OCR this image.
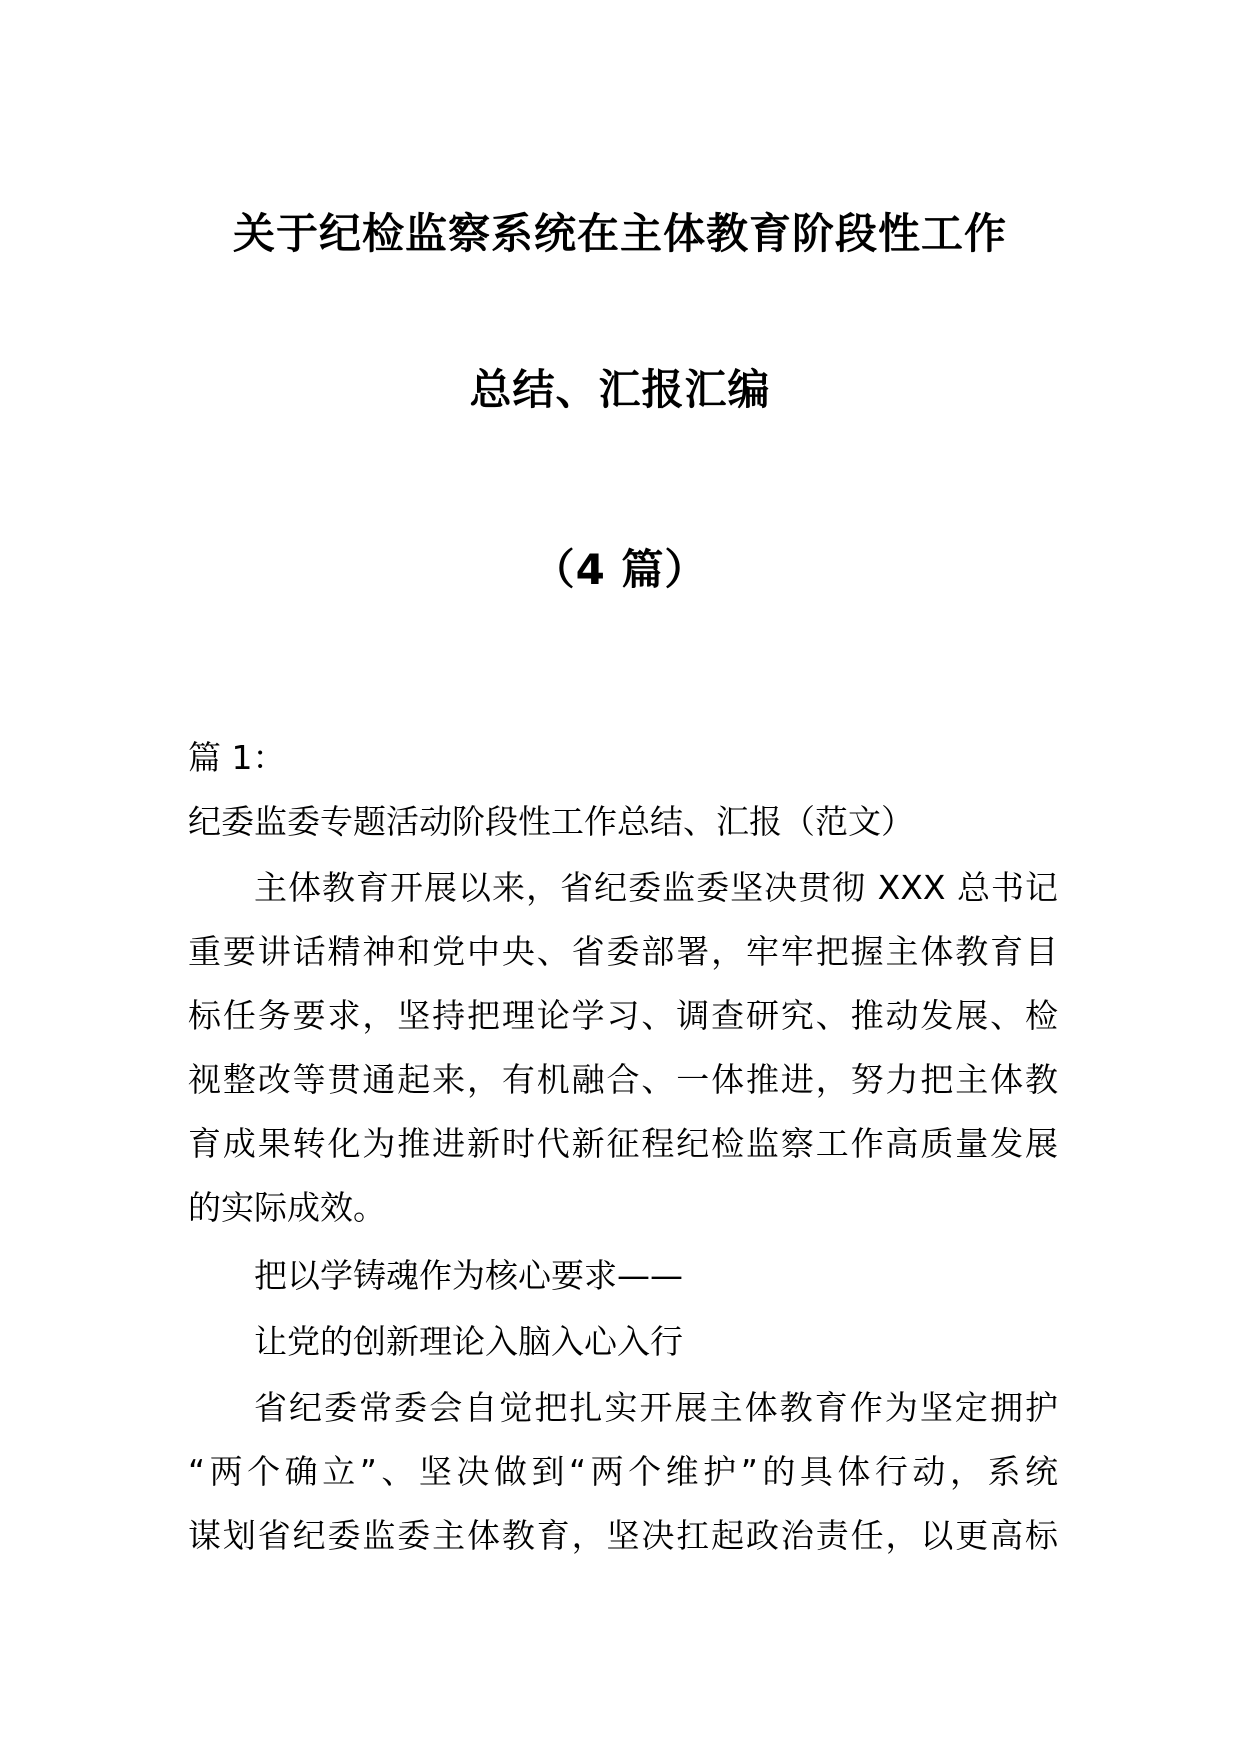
关于纪检监察系统在主体教育阶段性工作
总结、汇报汇编
（4 篇）
篇 1：
纪委监委专题活动阶段性工作总结、汇报（范文）
主体教育开展以来，省纪委监委坚决贯彻 XXX 总书记
重要讲话精神和党中央、省委部署，牢牢把握主体教育目
标任务要求，坚持把理论学习、调查研究、推动发展、检
视整改等贯通起来，有机融合、一体推进，努力把主体教
育成果转化为推进新时代新征程纪检监察工作高质量发展
的实际成效。
把以学铸魂作为核心要求——
让党的创新理论入脑入心入行
省纪委常委会自觉把扎实开展主体教育作为坚定拥护
“两个确立”、坚决做到“两个维护”的具体行动，系统
谋划省纪委监委主体教育，坚决扛起政治责任，以更高标
